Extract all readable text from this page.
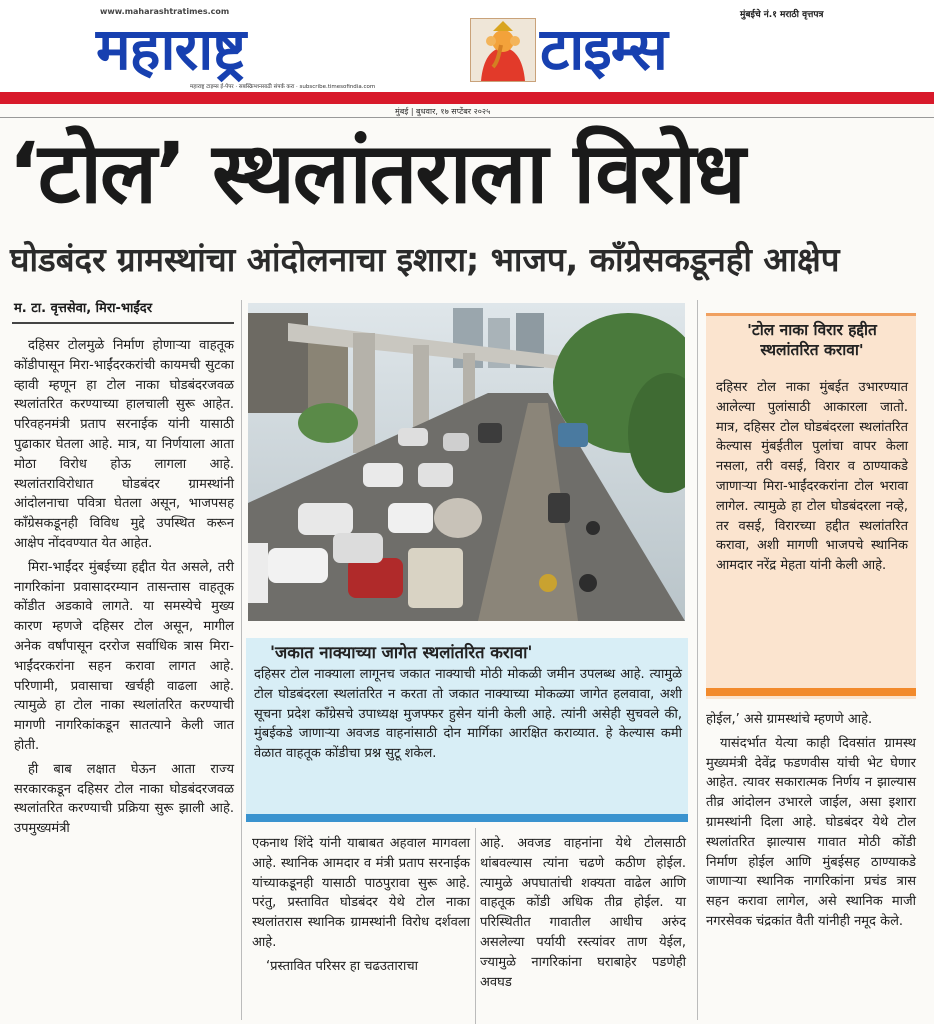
www.maharashtratimes.com	मुंबईचे नं.१ मराठी वृत्तपत्र
महाराष्ट्र	टाइम्स
महाराष्ट्र टाइम्स ई-पेपर · सबस्क्रिप्शनसाठी संपर्क करा · subscribe.timesofindia.com
मुंबई | बुधवार, १७ सप्टेंबर २०२५
‘टोल’ स्थलांतराला विरोध
घोडबंदर ग्रामस्थांचा आंदोलनाचा इशारा; भाजप, काँग्रेसकडूनही आक्षेप
म. टा. वृत्तसेवा, मिरा-भाईंदर

दहिसर टोलमुळे निर्माण होणाऱ्या वाहतूक कोंडीपासून मिरा-भाईंदरकरांची कायमची सुटका व्हावी म्हणून हा टोल नाका घोडबंदरजवळ स्थलांतरित करण्याच्या हालचाली सुरू आहेत. परिवहनमंत्री प्रताप सरनाईक यांनी यासाठी पुढाकार घेतला आहे. मात्र, या निर्णयाला आता मोठा विरोध होऊ लागला आहे. स्थलांतराविरोधात घोडबंदर ग्रामस्थांनी आंदोलनाचा पवित्रा घेतला असून, भाजपसह काँग्रेसकडूनही विविध मुद्दे उपस्थित करून आक्षेप नोंदवण्यात येत आहेत.

मिरा-भाईंदर मुंबईच्या हद्दीत येत असले, तरी नागरिकांना प्रवासादरम्यान तासन्तास वाहतूक कोंडीत अडकावे लागते. या समस्येचे मुख्य कारण म्हणजे दहिसर टोल असून, मागील अनेक वर्षांपासून दररोज सर्वाधिक त्रास मिरा-भाईंदरकरांना सहन करावा लागत आहे. परिणामी, प्रवासाचा खर्चही वाढला आहे. त्यामुळे हा टोल नाका स्थलांतरित करण्याची मागणी नागरिकांकडून सातत्याने केली जात होती.

ही बाब लक्षात घेऊन आता राज्य सरकारकडून दहिसर टोल नाका घोडबंदरजवळ स्थलांतरित करण्याची प्रक्रिया सुरू झाली आहे. उपमुख्यमंत्री

'टोल नाका विरार हद्दीत स्थलांतरित करावा'
दहिसर टोल नाका मुंबईत उभारण्यात आलेल्या पुलांसाठी आकारला जातो. मात्र, दहिसर टोल घोडबंदरला स्थलांतरित केल्यास मुंबईतील पुलांचा वापर केला नसला, तरी वसई, विरार व ठाण्याकडे जाणाऱ्या मिरा-भाईंदरकरांना टोल भरावा लागेल. त्यामुळे हा टोल घोडबंदरला नव्हे, तर वसई, विरारच्या हद्दीत स्थलांतरित करावा, अशी मागणी भाजपचे स्थानिक आमदार नरेंद्र मेहता यांनी केली आहे.
'जकात नाक्याच्या जागेत स्थलांतरित करावा'
दहिसर टोल नाक्याला लागूनच जकात नाक्याची मोठी मोकळी जमीन उपलब्ध आहे. त्यामुळे टोल घोडबंदरला स्थलांतरित न करता तो जकात नाक्याच्या मोकळ्या जागेत हलवावा, अशी सूचना प्रदेश काँग्रेसचे उपाध्यक्ष मुजफ्फर हुसेन यांनी केली आहे. त्यांनी असेही सुचवले की, मुंबईकडे जाणाऱ्या अवजड वाहनांसाठी दोन मार्गिका आरक्षित कराव्यात. हे केल्यास कमी वेळात वाहतूक कोंडीचा प्रश्न सुटू शकेल.

एकनाथ शिंदे यांनी याबाबत अहवाल मागवला आहे. स्थानिक आमदार व मंत्री प्रताप सरनाईक यांच्याकडूनही यासाठी पाठपुरावा सुरू आहे. परंतु, प्रस्तावित घोडबंदर येथे टोल नाका स्थलांतरास स्थानिक ग्रामस्थांनी विरोध दर्शवला आहे.

‘प्रस्तावित परिसर हा चढउताराचा

आहे. अवजड वाहनांना येथे टोलसाठी थांबवल्यास त्यांना चढणे कठीण होईल. त्यामुळे अपघातांची शक्यता वाढेल आणि वाहतूक कोंडी अधिक तीव्र होईल. या परिस्थितीत गावातील आधीच अरुंद असलेल्या पर्यायी रस्त्यांवर ताण येईल, ज्यामुळे नागरिकांना घराबाहेर पडणेही अवघड

होईल,’ असे ग्रामस्थांचे म्हणणे आहे.

यासंदर्भात येत्या काही दिवसांत ग्रामस्थ मुख्यमंत्री देवेंद्र फडणवीस यांची भेट घेणार आहेत. त्यावर सकारात्मक निर्णय न झाल्यास तीव्र आंदोलन उभारले जाईल, असा इशारा ग्रामस्थांनी दिला आहे. घोडबंदर येथे टोल स्थलांतरित झाल्यास गावात मोठी कोंडी निर्माण होईल आणि मुंबईसह ठाण्याकडे जाणाऱ्या स्थानिक नागरिकांना प्रचंड त्रास सहन करावा लागेल, असे स्थानिक माजी नगरसेवक चंद्रकांत वैती यांनीही नमूद केले.
